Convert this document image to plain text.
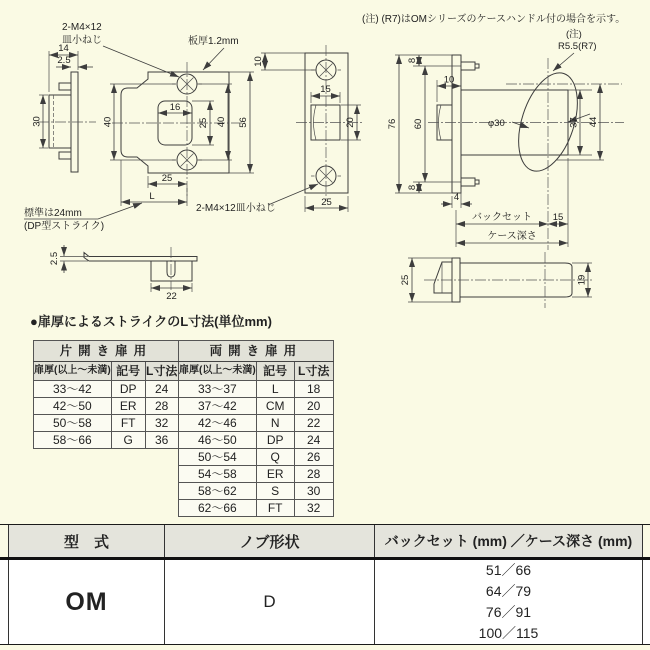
(注) (R7)はOMシリーズのケースハンドル付の場合を示す。
14
2.5
30	40
16
25 40 56
25
L
2-M4×12
皿小ねじ	板厚1.2mm
標準は24mm
(DP型ストライク)
10
15
20
25
2-M4×12皿小ねじ
76
8
60
8
10
φ30	37 44
(注)
R5.5(R7)
4
バックセット 15
ケース深さ
25	19
2.5
22
●扉厚によるストライクのL寸法(単位mm)
片開き扉用		
扉厚(以上～未満)	記号	L寸法
33～42	DP	24
42～50	ER	28
50～58	FT	32
58～66	G	36
両開き扉用		
扉厚(以上～未満)	記号	L寸法
33～37	L	18
37～42	CM	20
42～46	N	22
46～50	DP	24
50～54	Q	26
54～58	ER	28
58～62	S	30
62～66	FT	32
型　式	ノブ形状	バックセット (mm) ／ケース深さ (mm)
OM	D
51／66
64／79
76／91
100／115
